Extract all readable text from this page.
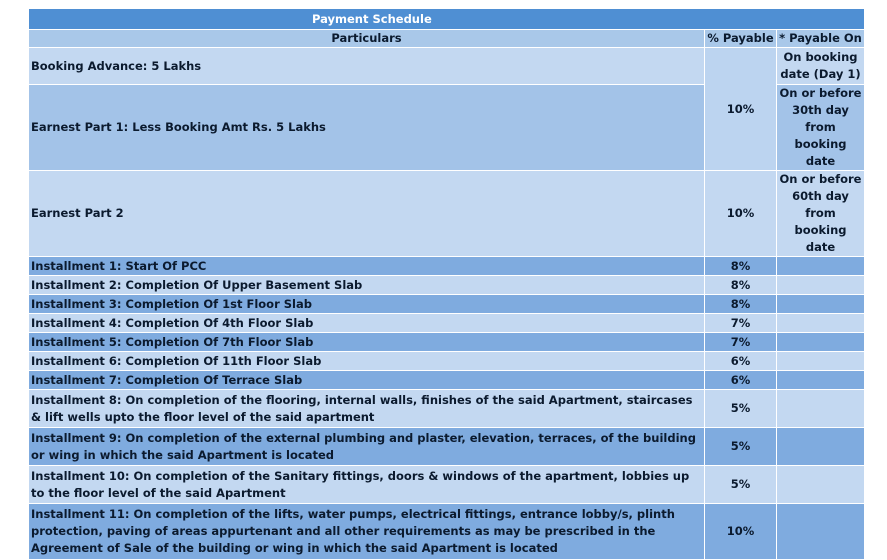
Payment Schedule		
Particulars	% Payable	* Payable On
Booking Advance: 5 Lakhs	10%	On booking date (Day 1)
Earnest Part 1: Less Booking Amt Rs. 5 Lakhs		On or before 30th day from booking date
Earnest Part 2	10%	On or before 60th day from booking date
Installment 1: Start Of PCC	8%	
Installment 2: Completion Of Upper Basement Slab	8%	
Installment 3: Completion Of 1st Floor Slab	8%	
Installment 4: Completion Of 4th Floor Slab	7%	
Installment 5: Completion Of 7th Floor Slab	7%	
Installment 6: Completion Of 11th Floor Slab	6%	
Installment 7: Completion Of Terrace Slab	6%	
Installment 8: On completion of the flooring, internal walls, finishes of the said Apartment, staircases & lift wells upto the floor level of the said apartment	5%	
Installment 9: On completion of the external plumbing and plaster, elevation, terraces, of the building or wing in which the said Apartment is located	5%	
Installment 10: On completion of the Sanitary fittings, doors & windows of the apartment, lobbies up to the floor level of the said Apartment	5%	
Installment 11: On completion of the lifts, water pumps, electrical fittings, entrance lobby/s, plinth protection, paving of areas appurtenant and all other requirements as may be prescribed in the Agreement of Sale of the building or wing in which the said Apartment is located	10%	
